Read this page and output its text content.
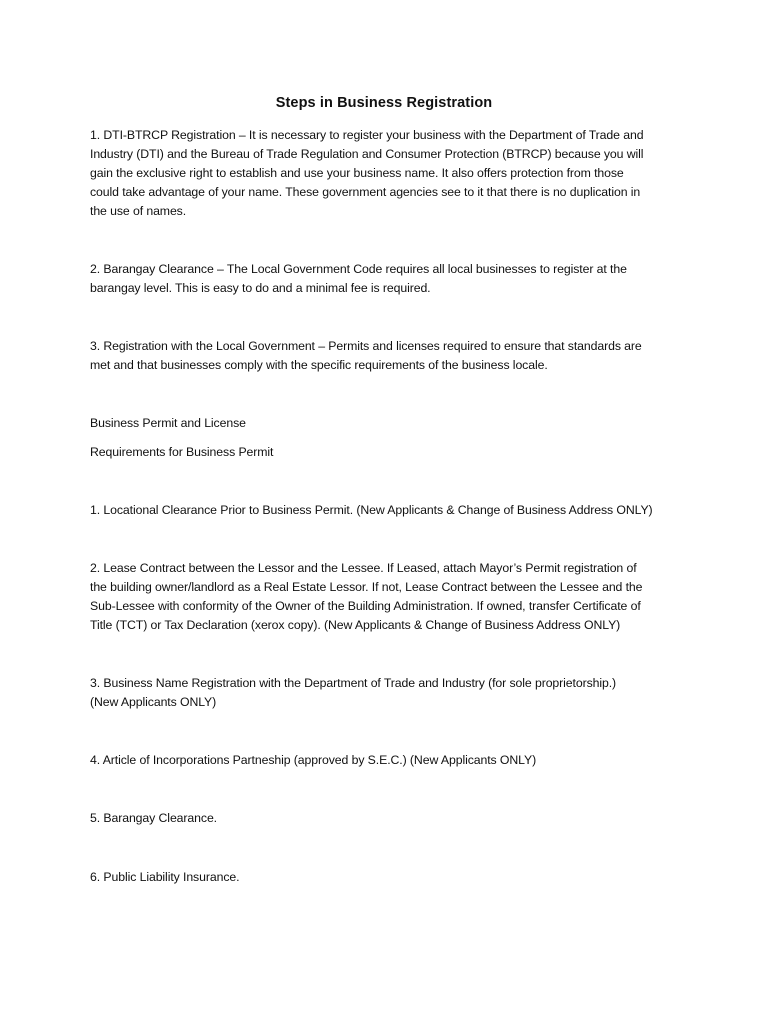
Steps in Business Registration
1. DTI-BTRCP Registration – It is necessary to register your business with the Department of Trade and
Industry (DTI) and the Bureau of Trade Regulation and Consumer Protection (BTRCP) because you will
gain the exclusive right to establish and use your business name. It also offers protection from those
could take advantage of your name. These government agencies see to it that there is no duplication in
the use of names.
2. Barangay Clearance – The Local Government Code requires all local businesses to register at the
barangay level. This is easy to do and a minimal fee is required.
3. Registration with the Local Government – Permits and licenses required to ensure that standards are
met and that businesses comply with the specific requirements of the business locale.
Business Permit and License
Requirements for Business Permit
1. Locational Clearance Prior to Business Permit. (New Applicants & Change of Business Address ONLY)
2. Lease Contract between the Lessor and the Lessee. If Leased, attach Mayor’s Permit registration of
the building owner/landlord as a Real Estate Lessor. If not, Lease Contract between the Lessee and the
Sub-Lessee with conformity of the Owner of the Building Administration. If owned, transfer Certificate of
Title (TCT) or Tax Declaration (xerox copy). (New Applicants & Change of Business Address ONLY)
3. Business Name Registration with the Department of Trade and Industry (for sole proprietorship.)
(New Applicants ONLY)
4. Article of Incorporations Partneship (approved by S.E.C.) (New Applicants ONLY)
5. Barangay Clearance.
6. Public Liability Insurance.
